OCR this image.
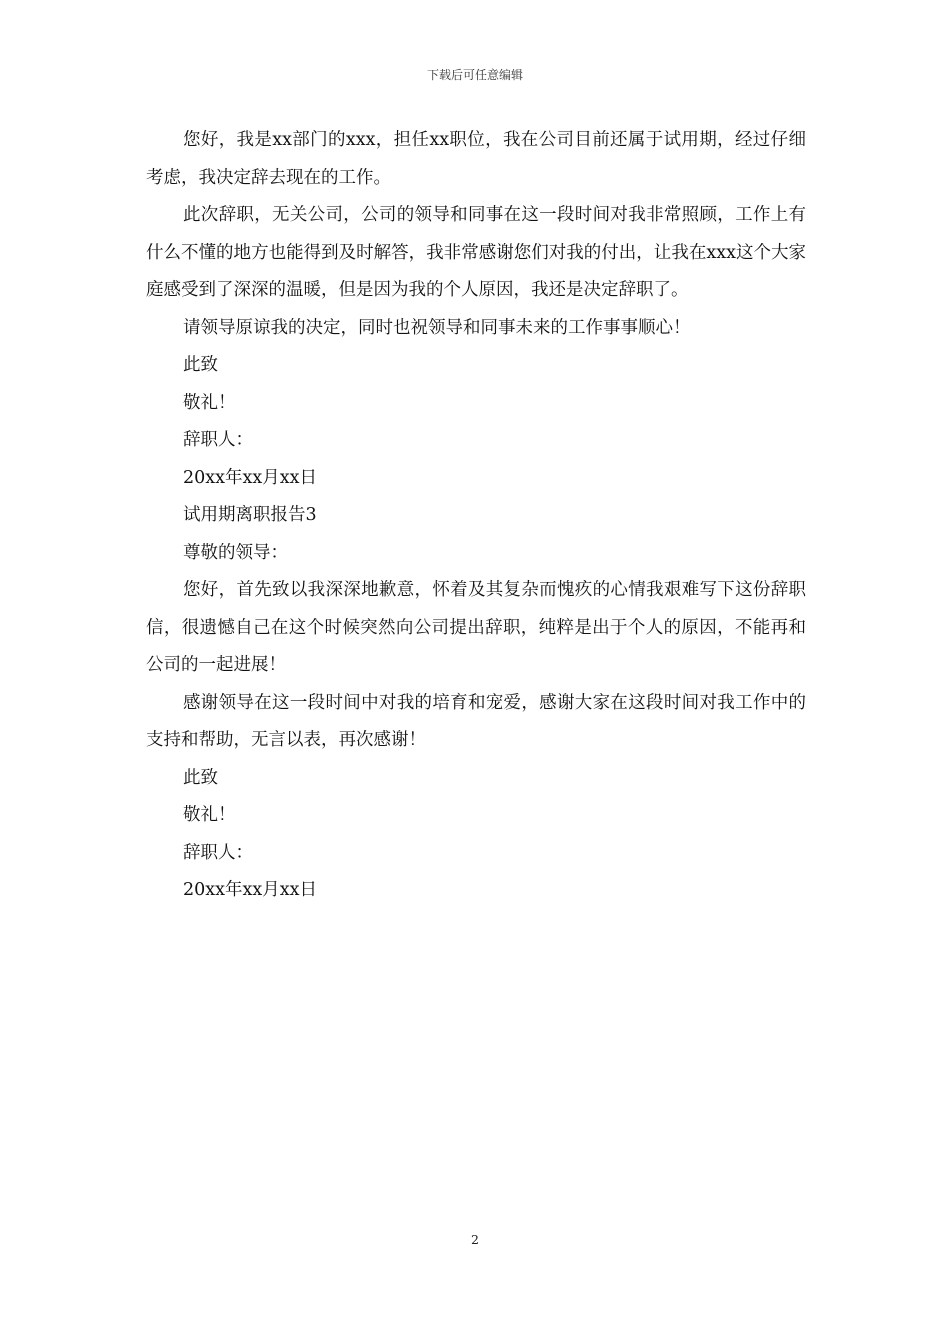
下载后可任意编辑

您好，我是xx部门的xxx，担任xx职位，我在公司目前还属于试用期，经过仔细考虑，我决定辞去现在的工作。

此次辞职，无关公司，公司的领导和同事在这一段时间对我非常照顾，工作上有什么不懂的地方也能得到及时解答，我非常感谢您们对我的付出，让我在xxx这个大家庭感受到了深深的温暖，但是因为我的个人原因，我还是决定辞职了。

请领导原谅我的决定，同时也祝领导和同事未来的工作事事顺心！

此致

敬礼！

辞职人：

20xx年xx月xx日

试用期离职报告3

尊敬的领导：

您好，首先致以我深深地歉意，怀着及其复杂而愧疚的心情我艰难写下这份辞职信，很遗憾自己在这个时候突然向公司提出辞职，纯粹是出于个人的原因，不能再和公司的一起进展！

感谢领导在这一段时间中对我的培育和宠爱，感谢大家在这段时间对我工作中的支持和帮助，无言以表，再次感谢！

此致

敬礼！

辞职人：

20xx年xx月xx日

2
